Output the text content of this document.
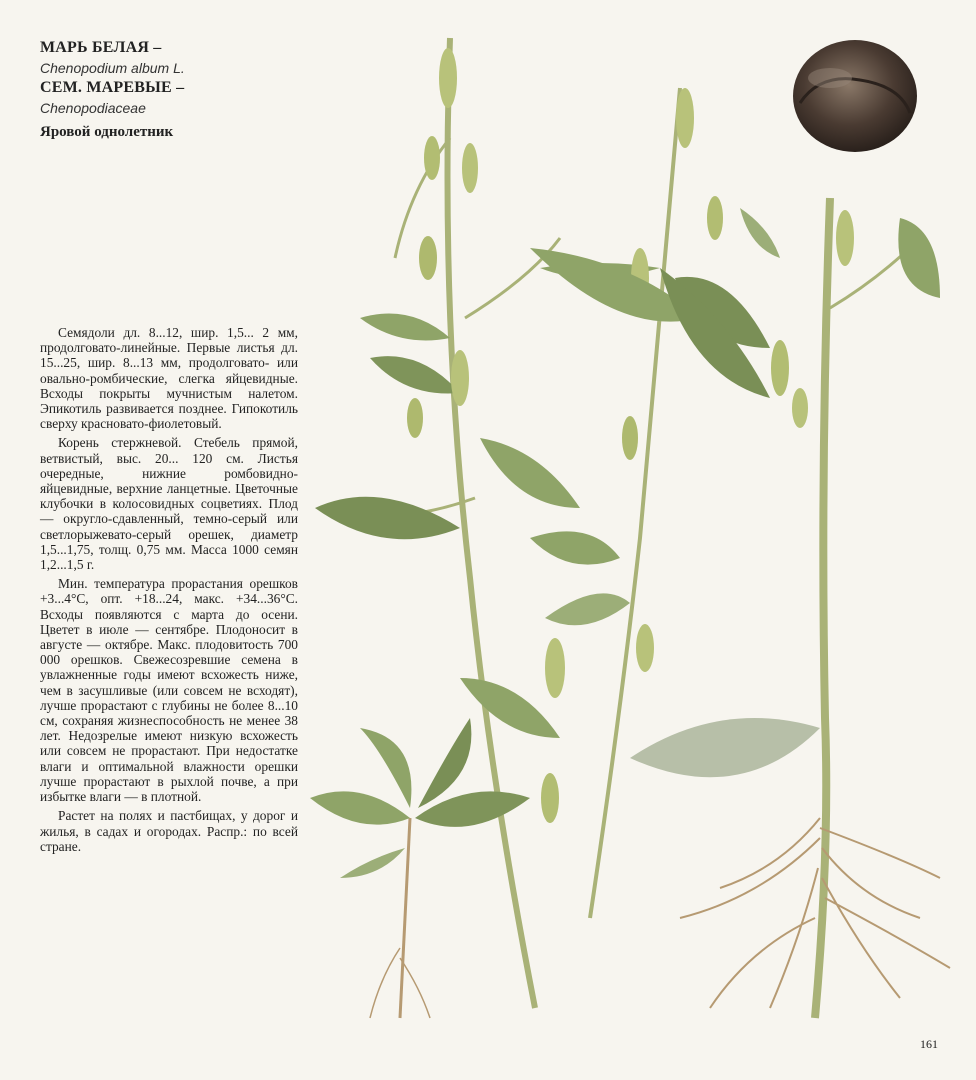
МАРЬ БЕЛАЯ –
Chenopodium album L.
СЕМ. МАРЕВЫЕ –
Chenopodiaceae
Яровой однолетник

Семядоли дл. 8...12, шир. 1,5... 2 мм, продолговато-линейные. Первые листья дл. 15...25, шир. 8...13 мм, продолговато- или овально-ромбические, слегка яйцевидные. Всходы покрыты мучнистым налетом. Эпикотиль развивается позднее. Гипокотиль сверху красновато-фиолетовый.

Корень стержневой. Стебель прямой, ветвистый, выс. 20... 120 см. Листья очередные, нижние ромбовидно-яйцевидные, верхние ланцетные. Цветочные клубочки в колосовидных соцветиях. Плод — округло-сдавленный, темно-серый или светлорыжевато-серый орешек, диаметр 1,5...1,75, толщ. 0,75 мм. Масса 1000 семян 1,2...1,5 г.

Мин. температура прорастания орешков +3...4°C, опт. +18...24, макс. +34...36°C. Всходы появляются с марта до осени. Цветет в июле — сентябре. Плодоносит в августе — октябре. Макс. плодовитость 700 000 орешков. Свежесозревшие семена в увлажненные годы имеют всхожесть ниже, чем в засушливые (или совсем не всходят), лучше прорастают с глубины не более 8...10 см, сохраняя жизнеспособность не менее 38 лет. Недозрелые имеют низкую всхожесть или совсем не прорастают. При недостатке влаги и оптимальной влажности орешки лучше прорастают в рыхлой почве, а при избытке влаги — в плотной.

Растет на полях и пастбищах, у дорог и жилья, в садах и огородах. Распр.: по всей стране.

161
